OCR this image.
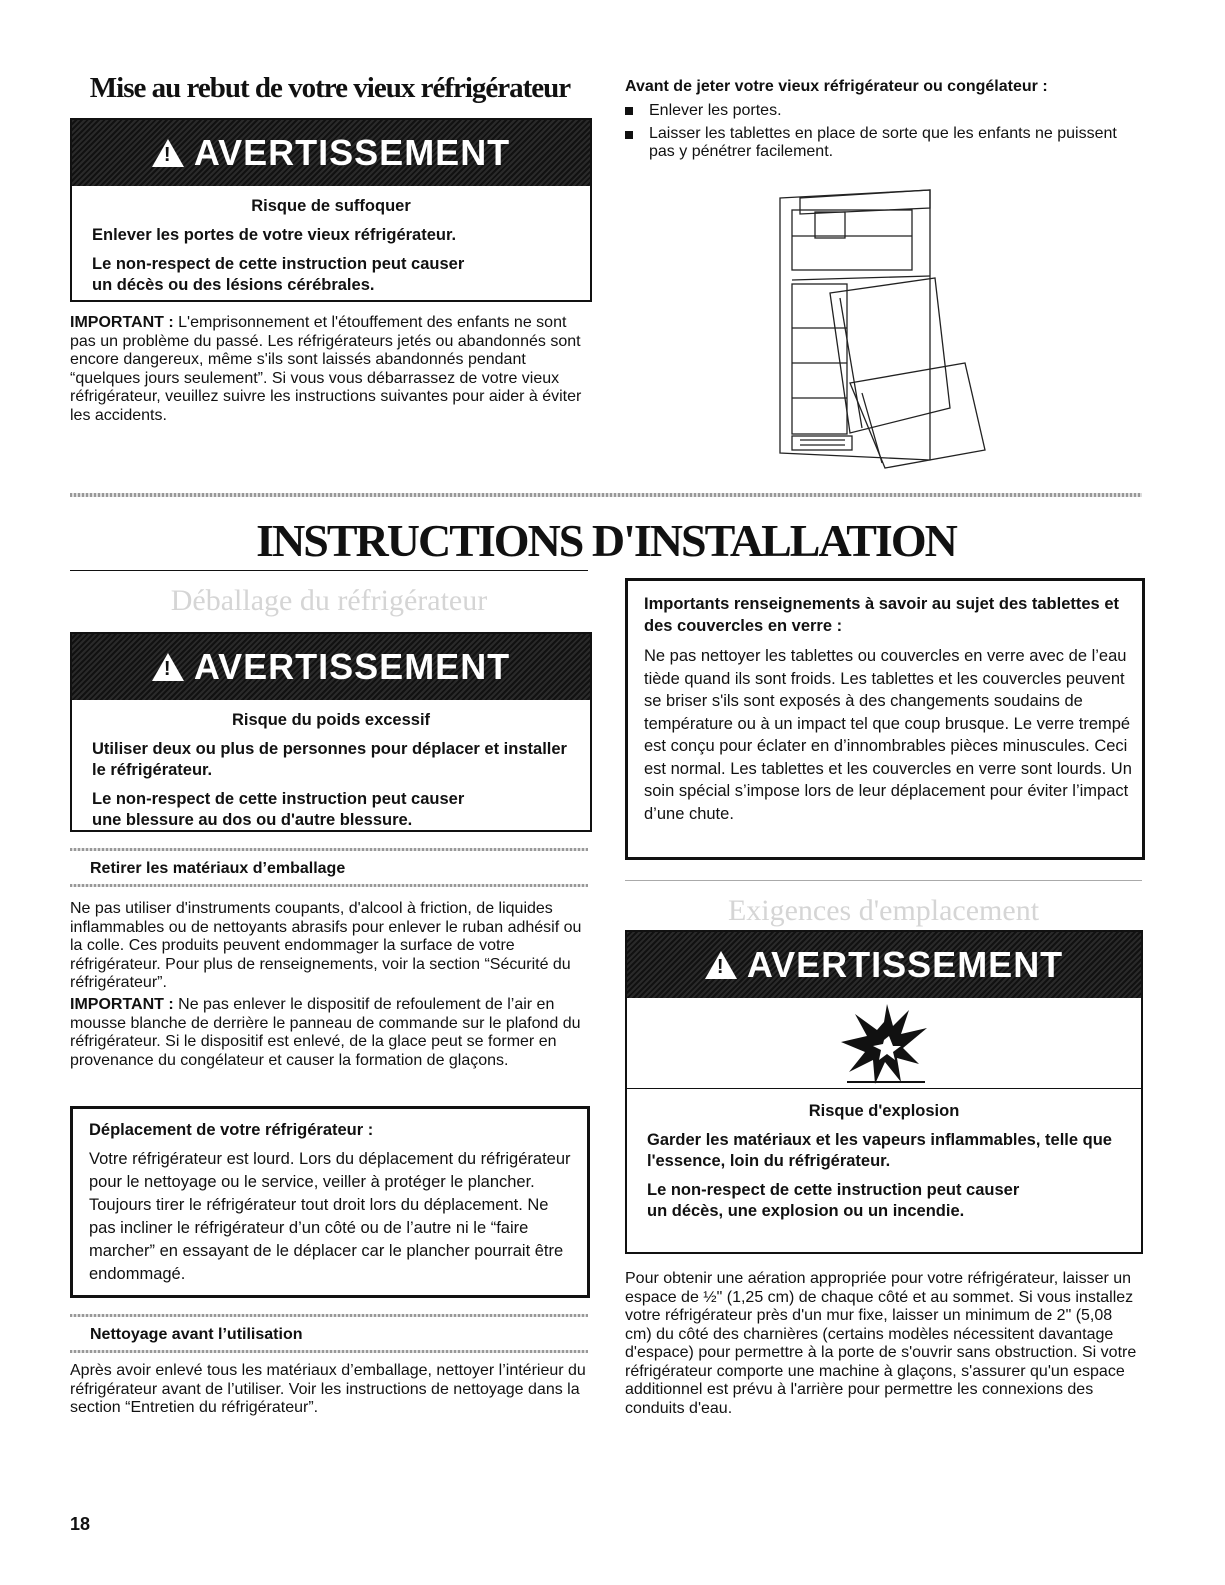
Mise au rebut de votre vieux réfrigérateur
!
AVERTISSEMENT
Risque de suffoquer

Enlever les portes de votre vieux réfrigérateur.

Le non-respect de cette instruction peut causer
un décès ou des lésions cérébrales.

IMPORTANT : L'emprisonnement et l'étouffement des enfants ne sont pas un problème du passé. Les réfrigérateurs jetés ou abandonnés sont encore dangereux, même s'ils sont laissés abandonnés pendant “quelques jours seulement”. Si vous vous débarrassez de votre vieux réfrigérateur, veuillez suivre les instructions suivantes pour aider à éviter les accidents.
Avant de jeter votre vieux réfrigérateur ou congélateur :
Enlever les portes.
Laisser les tablettes en place de sorte que les enfants ne puissent pas y pénétrer facilement.
INSTRUCTIONS D'INSTALLATION
Déballage du réfrigérateur
!
AVERTISSEMENT
Risque du poids excessif

Utiliser deux ou plus de personnes pour déplacer et installer le réfrigérateur.

Le non-respect de cette instruction peut causer
une blessure au dos ou d'autre blessure.

Retirer les matériaux d’emballage
Ne pas utiliser d'instruments coupants, d'alcool à friction, de liquides inflammables ou de nettoyants abrasifs pour enlever le ruban adhésif ou la colle. Ces produits peuvent endommager la surface de votre réfrigérateur. Pour plus de renseignements, voir la section “Sécurité du réfrigérateur”.
IMPORTANT : Ne pas enlever le dispositif de refoulement de l’air en mousse blanche de derrière le panneau de commande sur le plafond du réfrigérateur. Si le dispositif est enlevé, de la glace peut se former en provenance du congélateur et causer la formation de glaçons.
Déplacement de votre réfrigérateur :
Votre réfrigérateur est lourd. Lors du déplacement du réfrigérateur pour le nettoyage ou le service, veiller à protéger le plancher. Toujours tirer le réfrigérateur tout droit lors du déplacement. Ne pas incliner le réfrigérateur d’un côté ou de l’autre ni le “faire marcher” en essayant de le déplacer car le plancher pourrait être endommagé.
Nettoyage avant l’utilisation
Après avoir enlevé tous les matériaux d’emballage, nettoyer l’intérieur du réfrigérateur avant de l’utiliser. Voir les instructions de nettoyage dans la section “Entretien du réfrigérateur”.
Importants renseignements à savoir au sujet des tablettes et des couvercles en verre :
Ne pas nettoyer les tablettes ou couvercles en verre avec de l’eau tiède quand ils sont froids. Les tablettes et les couvercles peuvent se briser s'ils sont exposés à des changements soudains de température ou à un impact tel que coup brusque. Le verre trempé est conçu pour éclater en d’innombrables pièces minuscules. Ceci est normal. Les tablettes et les couvercles en verre sont lourds. Un soin spécial s’impose lors de leur déplacement pour éviter l’impact d’une chute.
Exigences d'emplacement
!
AVERTISSEMENT
Risque d'explosion

Garder les matériaux et les vapeurs inflammables, telle que l'essence, loin du réfrigérateur.

Le non-respect de cette instruction peut causer
un décès, une explosion ou un incendie.

Pour obtenir une aération appropriée pour votre réfrigérateur, laisser un espace de ½" (1,25 cm) de chaque côté et au sommet. Si vous installez votre réfrigérateur près d'un mur fixe, laisser un minimum de 2" (5,08 cm) du côté des charnières (certains modèles nécessitent davantage d'espace) pour permettre à la porte de s'ouvrir sans obstruction. Si votre réfrigérateur comporte une machine à glaçons, s'assurer qu'un espace additionnel est prévu à l'arrière pour permettre les connexions des conduits d'eau.
18
